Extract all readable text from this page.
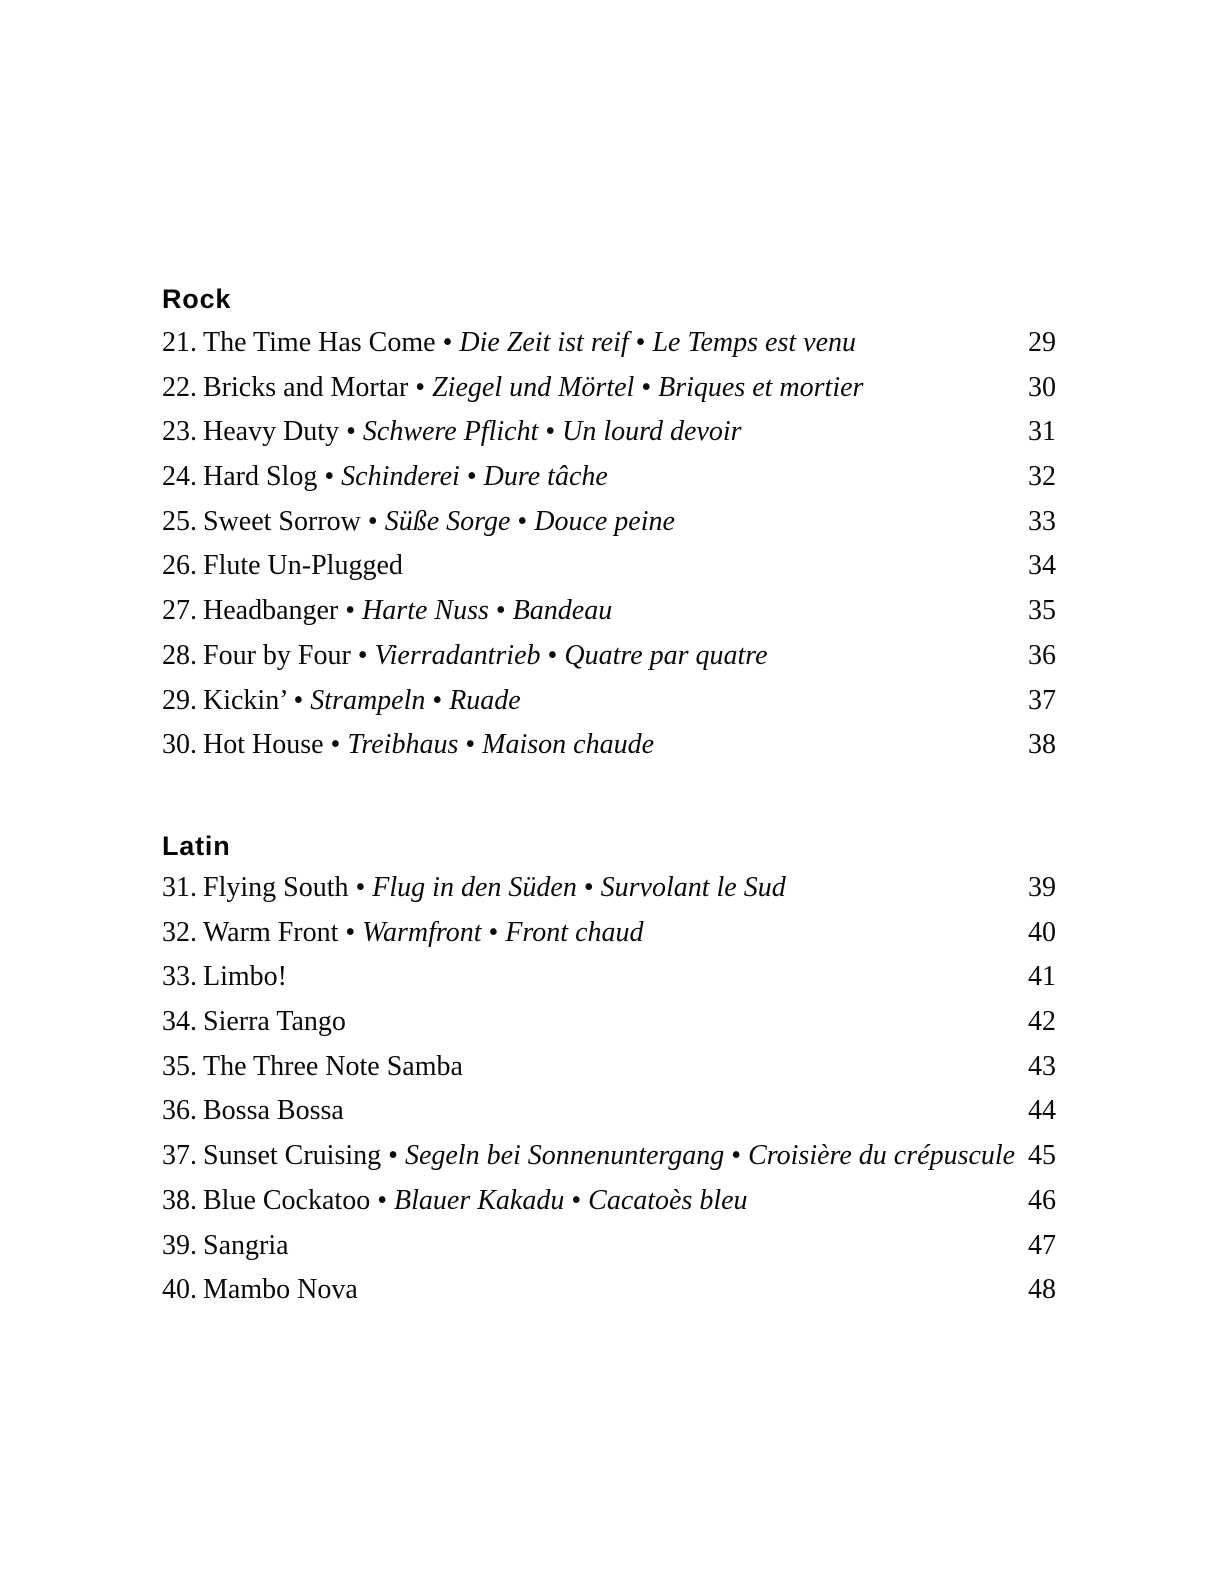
Rock
21. The Time Has Come • Die Zeit ist reif • Le Temps est venu	29
22. Bricks and Mortar • Ziegel und Mörtel • Briques et mortier	30
23. Heavy Duty • Schwere Pflicht • Un lourd devoir	31
24. Hard Slog • Schinderei • Dure tâche	32
25. Sweet Sorrow • Süße Sorge • Douce peine	33
26. Flute Un-Plugged	34
27. Headbanger • Harte Nuss • Bandeau	35
28. Four by Four • Vierradantrieb • Quatre par quatre	36
29. Kickin’ • Strampeln • Ruade	37
30. Hot House • Treibhaus • Maison chaude	38
Latin
31. Flying South • Flug in den Süden • Survolant le Sud	39
32. Warm Front • Warmfront • Front chaud	40
33. Limbo!	41
34. Sierra Tango	42
35. The Three Note Samba	43
36. Bossa Bossa	44
37. Sunset Cruising • Segeln bei Sonnenuntergang • Croisière du crépuscule 45
38. Blue Cockatoo • Blauer Kakadu • Cacatoès bleu	46
39. Sangria	47
40. Mambo Nova	48
